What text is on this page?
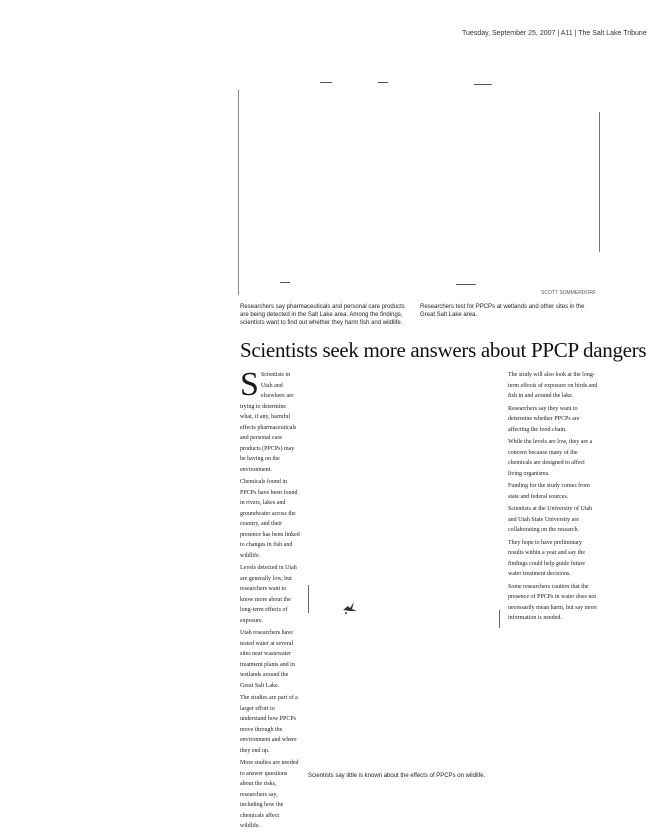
Tuesday, September 25, 2007 | A11 | The Salt Lake Tribune
SCOTT SOMMERDORF
Researchers say pharmaceuticals and personal care products are being detected in the Salt Lake area. Among the findings, scientists want to find out whether they harm fish and wildlife.
Researchers test for PPCPs at wetlands and other sites in the Great Salt Lake area.
Scientists seek more answers about PPCP dangers
S Scientists in Utah and elsewhere are trying to determine what, if any, harmful effects pharmaceuticals and personal care products (PPCPs) may be having on the environment.

Chemicals found in PPCPs have been found in rivers, lakes and groundwater across the country, and their presence has been linked to changes in fish and wildlife.

Levels detected in Utah are generally low, but researchers want to know more about the long-term effects of exposure.

Utah researchers have tested water at several sites near wastewater treatment plants and in wetlands around the Great Salt Lake.

The studies are part of a larger effort to understand how PPCPs move through the environment and where they end up.

More studies are needed to answer questions about the risks, researchers say, including how the chemicals affect wildlife.

Scientists say little is known about the effects of PPCPs on wildlife.

The study will also look at the long-term effects of exposure on birds and fish in and around the lake.

Researchers say they want to determine whether PPCPs are affecting the food chain.

While the levels are low, they are a concern because many of the chemicals are designed to affect living organisms.

Funding for the study comes from state and federal sources.

Scientists at the University of Utah and Utah State University are collaborating on the research.

They hope to have preliminary results within a year and say the findings could help guide future water treatment decisions.

Some researchers caution that the presence of PPCPs in water does not necessarily mean harm, but say more information is needed.
